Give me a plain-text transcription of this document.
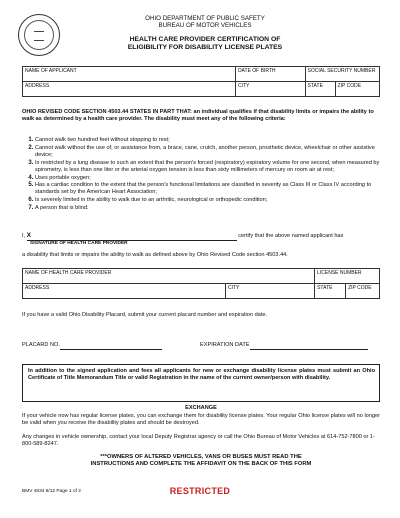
OHIO DEPARTMENT OF PUBLIC SAFETY
BUREAU OF MOTOR VEHICLES
HEALTH CARE PROVIDER CERTIFICATION OF
ELIGIBILITY FOR DISABILITY LICENSE PLATES
NAME OF APPLICANT	DATE OF BIRTH	SOCIAL SECURITY NUMBER	
ADDRESS	CITY	STATE	ZIP CODE
OHIO REVISED CODE SECTION 4503.44 STATES IN PART THAT: an individual qualifies if that disability limits or impairs the ability to walk as determined by a health care provider. The disability must meet any of the following criteria:
1. Cannot walk two hundred feet without stopping to rest;
2. Cannot walk without the use of, or assistance from, a brace, cane, crutch, another person, prosthetic device, wheelchair or other assistive device;
3. Is restricted by a lung disease to such an extent that the person's forced (respiratory) expiratory volume for one second, when measured by spirometry, is less than one liter or the arterial oxygen tension is less than sixty millimeters of mercury on room air at rest;
4. Uses portable oxygen;
5. Has a cardiac condition to the extent that the person's functional limitations are classified in severity as Class III or Class IV according to standards set by the American Heart Association;
6. Is severely limited in the ability to walk due to an arthritic, neurological or orthopedic condition;
7. A person that is blind.
I, X	certify that the above named applicant has
SIGNATURE OF HEALTH CARE PROVIDER
a disability that limits or impairs the ability to walk as defined above by Ohio Revised Code section 4503.44.
NAME OF HEALTH CARE PROVIDER		LICENSE NUMBER	
ADDRESS	CITY	STATE	ZIP CODE
If you have a valid Ohio Disability Placard, submit your current placard number and expiration date.
PLACARD NO.	EXPIRATION DATE
In addition to the signed application and fees all applicants for new or exchange disability license plates must submit an Ohio Certificate of Title Memorandum Title or valid Registration in the name of the current owner/person with disability.
EXCHANGE
If your vehicle now has regular license plates, you can exchange them for disability license plates. Your regular Ohio license plates will no longer be valid when you receive the disability plates and should be destroyed.
Any changes in vehicle ownership, contact your local Deputy Registrar agency or call the Ohio Bureau of Motor Vehicles at 614-752-7800 or 1-800-589-8247.
***OWNERS OF ALTERED VEHICLES, VANS OR BUSES MUST READ THE
INSTRUCTIONS AND COMPLETE THE AFFIDAVIT ON THE BACK OF THIS FORM
BMV 4834 8/12 Page 1 of 2	RESTRICTED
